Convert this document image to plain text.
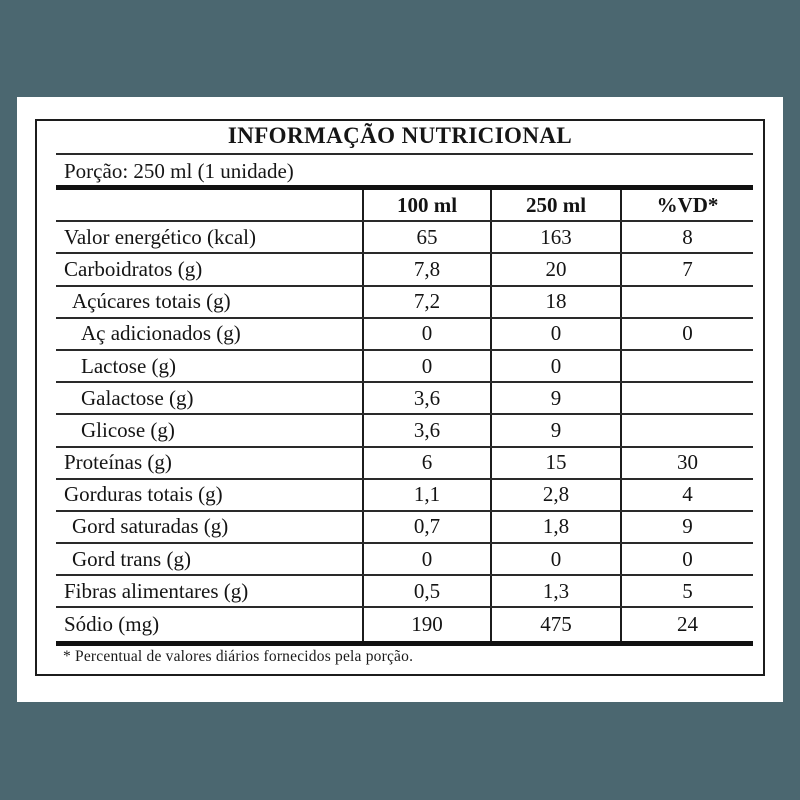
INFORMAÇÃO NUTRICIONAL
Porção: 250 ml (1 unidade)
100 ml	250 ml	%VD*
Valor energético (kcal)	65	163	8
Carboidratos (g)	7,8	20	7
Açúcares totais (g)	7,2	18
Aç adicionados (g)	0	0	0
Lactose (g)	0	0
Galactose (g)	3,6	9
Glicose (g)	3,6	9
Proteínas (g)	6	15	30
Gorduras totais (g)	1,1	2,8	4
Gord saturadas (g)	0,7	1,8	9
Gord trans (g)	0	0	0
Fibras alimentares (g)	0,5	1,3	5
Sódio (mg)	190	475	24
* Percentual de valores diários fornecidos pela porção.
